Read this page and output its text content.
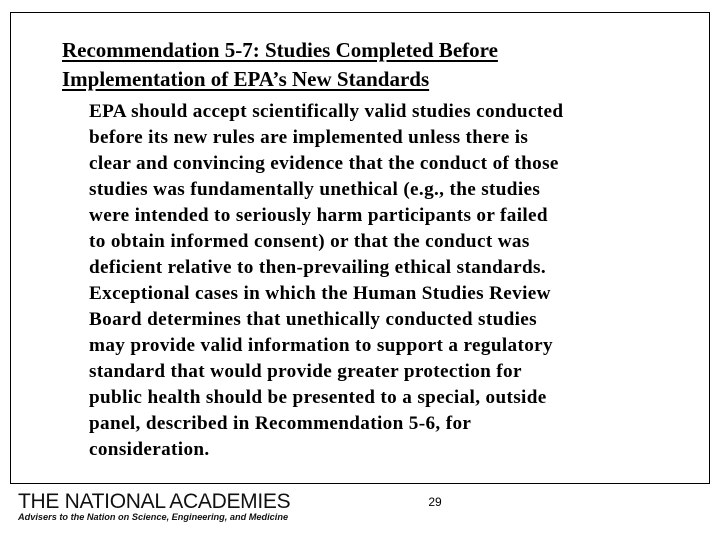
Recommendation 5-7: Studies Completed Before
Implementation of EPA’s New Standards
EPA should accept scientifically valid studies conducted
before its new rules are implemented unless there is
clear and convincing evidence that the conduct of those
studies was fundamentally unethical (e.g., the studies
were intended to seriously harm participants or failed
to obtain informed consent) or that the conduct was
deficient relative to then-prevailing ethical standards.
Exceptional cases in which the Human Studies Review
Board determines that unethically conducted studies
may provide valid information to support a regulatory
standard that would provide greater protection for
public health should be presented to a special, outside
panel, described in Recommendation 5-6, for
consideration.
THE NATIONAL ACADEMIES
Advisers to the Nation on Science, Engineering, and Medicine
29
